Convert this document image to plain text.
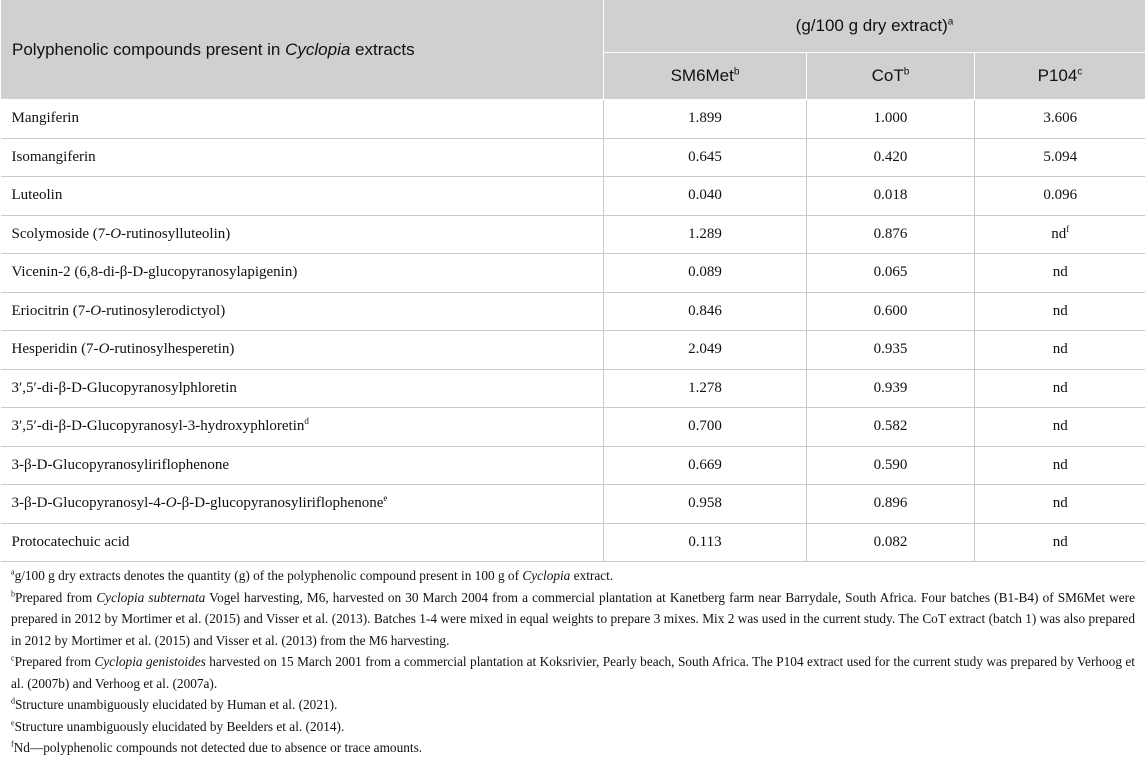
Polyphenolic compounds present in Cyclopia extracts	(g/100 g dry extract)$^a$
	SM6Met$^b$	CoT$^b$	P104$^c$
Mangiferin	1.899	1.000	3.606
Isomangiferin	0.645	0.420	5.094
Luteolin	0.040	0.018	0.096
Scolymoside (7-O-rutinosylluteolin)	1.289	0.876	$nd^f$
Vicenin-2 (6,8-di-β-D-glucopyranosylapigenin)	0.089	0.065	nd
Eriocitrin (7-O-rutinosylerodictyol)	0.846	0.600	nd
Hesperidin (7-O-rutinosylhesperetin)	2.049	0.935	nd
3′,5′-di-β-D-Glucopyranosylphloretin	1.278	0.939	nd
3′,5′-di-β-D-Glucopyranosyl-3-hydroxyphloretin$^d$	0.700	0.582	nd
3-β-D-Glucopyranosyliriflophenone	0.669	0.590	nd
3-β-D-Glucopyranosyl-4-O-β-D-glucopyranosyliriflophenone$^e$	0.958	0.896	nd
Protocatechuic acid	0.113	0.082	nd

$^a$g/100 g dry extracts denotes the quantity (g) of the polyphenolic compound present in 100 g of Cyclopia extract.

$^b$Prepared from Cyclopia subternata Vogel harvesting, M6, harvested on 30 March 2004 from a commercial plantation at Kanetberg farm near Barrydale, South Africa. Four batches (B1-B4) of SM6Met were prepared in 2012 by Mortimer et al. (2015) and Visser et al. (2013). Batches 1-4 were mixed in equal weights to prepare 3 mixes. Mix 2 was used in the current study. The CoT extract (batch 1) was also prepared in 2012 by Mortimer et al. (2015) and Visser et al. (2013) from the M6 harvesting.

$^c$Prepared from Cyclopia genistoides harvested on 15 March 2001 from a commercial plantation at Koksrivier, Pearly beach, South Africa. The P104 extract used for the current study was prepared by Verhoog et al. (2007b) and Verhoog et al. (2007a).

$^d$Structure unambiguously elucidated by Human et al. (2021).

$^e$Structure unambiguously elucidated by Beelders et al. (2014).

$^f$Nd—polyphenolic compounds not detected due to absence or trace amounts.
